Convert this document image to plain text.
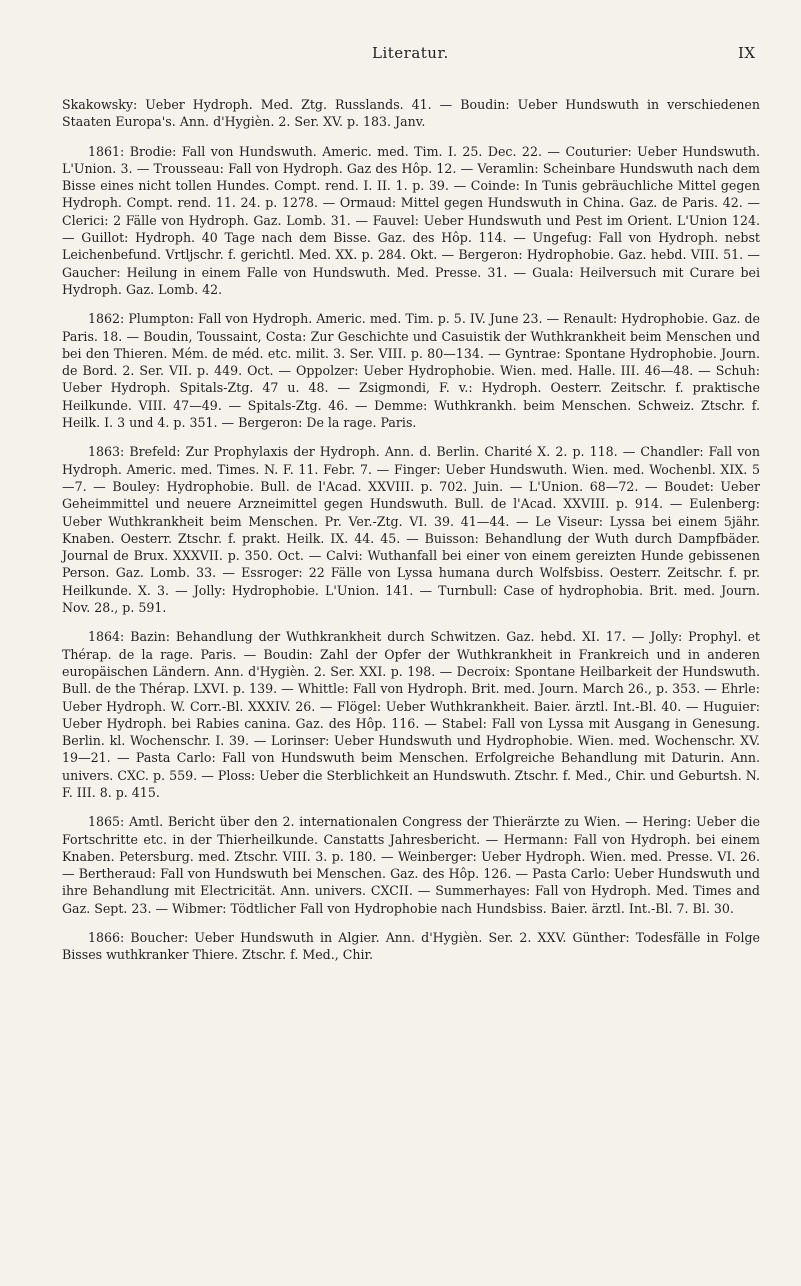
Literatur.	IX

Skakowsky: Ueber Hydroph. Med. Ztg. Russlands. 41. — Boudin: Ueber Hundswuth in verschiedenen Staaten Europa's. Ann. d'Hygièn. 2. Ser. XV. p. 183. Janv.

1861: Brodie: Fall von Hundswuth. Americ. med. Tim. I. 25. Dec. 22. — Couturier: Ueber Hundswuth. L'Union. 3. — Trousseau: Fall von Hydroph. Gaz des Hôp. 12. — Veramlin: Scheinbare Hundswuth nach dem Bisse eines nicht tollen Hundes. Compt. rend. I. II. 1. p. 39. — Coinde: In Tunis gebräuchliche Mittel gegen Hydroph. Compt. rend. 11. 24. p. 1278. — Ormaud: Mittel gegen Hundswuth in China. Gaz. de Paris. 42. — Clerici: 2 Fälle von Hydroph. Gaz. Lomb. 31. — Fauvel: Ueber Hundswuth und Pest im Orient. L'Union 124. — Guillot: Hydroph. 40 Tage nach dem Bisse. Gaz. des Hôp. 114. — Ungefug: Fall von Hydroph. nebst Leichenbefund. Vrtljschr. f. gerichtl. Med. XX. p. 284. Okt. — Bergeron: Hydrophobie. Gaz. hebd. VIII. 51. — Gaucher: Heilung in einem Falle von Hundswuth. Med. Presse. 31. — Guala: Heilversuch mit Curare bei Hydroph. Gaz. Lomb. 42.

1862: Plumpton: Fall von Hydroph. Americ. med. Tim. p. 5. IV. June 23. — Renault: Hydrophobie. Gaz. de Paris. 18. — Boudin, Toussaint, Costa: Zur Geschichte und Casuistik der Wuthkrankheit beim Menschen und bei den Thieren. Mém. de méd. etc. milit. 3. Ser. VIII. p. 80—134. — Gyntrae: Spontane Hydrophobie. Journ. de Bord. 2. Ser. VII. p. 449. Oct. — Oppolzer: Ueber Hydrophobie. Wien. med. Halle. III. 46—48. — Schuh: Ueber Hydroph. Spitals-Ztg. 47 u. 48. — Zsigmondi, F. v.: Hydroph. Oesterr. Zeitschr. f. praktische Heilkunde. VIII. 47—49. — Spitals-Ztg. 46. — Demme: Wuthkrankh. beim Menschen. Schweiz. Ztschr. f. Heilk. I. 3 und 4. p. 351. — Bergeron: De la rage. Paris.

1863: Brefeld: Zur Prophylaxis der Hydroph. Ann. d. Berlin. Charité X. 2. p. 118. — Chandler: Fall von Hydroph. Americ. med. Times. N. F. 11. Febr. 7. — Finger: Ueber Hundswuth. Wien. med. Wochenbl. XIX. 5—7. — Bouley: Hydrophobie. Bull. de l'Acad. XXVIII. p. 702. Juin. — L'Union. 68—72. — Boudet: Ueber Geheimmittel und neuere Arzneimittel gegen Hundswuth. Bull. de l'Acad. XXVIII. p. 914. — Eulenberg: Ueber Wuthkrankheit beim Menschen. Pr. Ver.-Ztg. VI. 39. 41—44. — Le Viseur: Lyssa bei einem 5jähr. Knaben. Oesterr. Ztschr. f. prakt. Heilk. IX. 44. 45. — Buisson: Behandlung der Wuth durch Dampfbäder. Journal de Brux. XXXVII. p. 350. Oct. — Calvi: Wuthanfall bei einer von einem gereizten Hunde gebissenen Person. Gaz. Lomb. 33. — Essroger: 22 Fälle von Lyssa humana durch Wolfsbiss. Oesterr. Zeitschr. f. pr. Heilkunde. X. 3. — Jolly: Hydrophobie. L'Union. 141. — Turnbull: Case of hydrophobia. Brit. med. Journ. Nov. 28., p. 591.

1864: Bazin: Behandlung der Wuthkrankheit durch Schwitzen. Gaz. hebd. XI. 17. — Jolly: Prophyl. et Thérap. de la rage. Paris. — Boudin: Zahl der Opfer der Wuthkrankheit in Frankreich und in anderen europäischen Ländern. Ann. d'Hygièn. 2. Ser. XXI. p. 198. — Decroix: Spontane Heilbarkeit der Hundswuth. Bull. de the Thérap. LXVI. p. 139. — Whittle: Fall von Hydroph. Brit. med. Journ. March 26., p. 353. — Ehrle: Ueber Hydroph. W. Corr.-Bl. XXXIV. 26. — Flögel: Ueber Wuthkrankheit. Baier. ärztl. Int.-Bl. 40. — Huguier: Ueber Hydroph. bei Rabies canina. Gaz. des Hôp. 116. — Stabel: Fall von Lyssa mit Ausgang in Genesung. Berlin. kl. Wochenschr. I. 39. — Lorinser: Ueber Hundswuth und Hydrophobie. Wien. med. Wochenschr. XV. 19—21. — Pasta Carlo: Fall von Hundswuth beim Menschen. Erfolgreiche Behandlung mit Daturin. Ann. univers. CXC. p. 559. — Ploss: Ueber die Sterblichkeit an Hundswuth. Ztschr. f. Med., Chir. und Geburtsh. N. F. III. 8. p. 415.

1865: Amtl. Bericht über den 2. internationalen Congress der Thierärzte zu Wien. — Hering: Ueber die Fortschritte etc. in der Thierheilkunde. Canstatts Jahresbericht. — Hermann: Fall von Hydroph. bei einem Knaben. Petersburg. med. Ztschr. VIII. 3. p. 180. — Weinberger: Ueber Hydroph. Wien. med. Presse. VI. 26. — Bertheraud: Fall von Hundswuth bei Menschen. Gaz. des Hôp. 126. — Pasta Carlo: Ueber Hundswuth und ihre Behandlung mit Electricität. Ann. univers. CXCII. — Summerhayes: Fall von Hydroph. Med. Times and Gaz. Sept. 23. — Wibmer: Tödtlicher Fall von Hydrophobie nach Hundsbiss. Baier. ärztl. Int.-Bl. 7. Bl. 30.

1866: Boucher: Ueber Hundswuth in Algier. Ann. d'Hygièn. Ser. 2. XXV. Günther: Todesfälle in Folge Bisses wuthkranker Thiere. Ztschr. f. Med., Chir.
